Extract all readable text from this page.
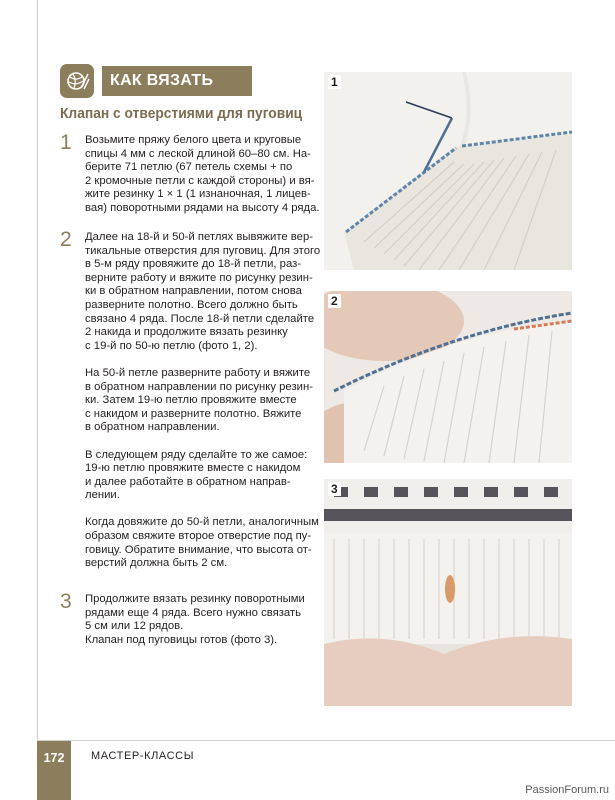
КАК ВЯЗАТЬ
Клапан с отверстиями для пуговиц
1 Возьмите пряжу белого цвета и круговые
спицы 4 мм с леской длиной 60–80 см. На-
берите 71 петлю (67 петель схемы + по
2 кромочные петли с каждой стороны) и вя-
жите резинку 1 × 1 (1 изнаночная, 1 лицев-
вая) поворотными рядами на высоту 4 ряда.
2 Далее на 18-й и 50-й петлях вывяжите вер-
тикальные отверстия для пуговиц. Для этого
в 5-м ряду провяжите до 18-й петли, раз-
верните работу и вяжите по рисунку резин-
ки в обратном направлении, потом снова
разверните полотно. Всего должно быть
связано 4 ряда. После 18-й петли сделайте
2 накида и продолжите вязать резинку
с 19-й по 50-ю петлю (фото 1, 2).
На 50-й петле разверните работу и вяжите
в обратном направлении по рисунку резин-
ки. Затем 19-ю петлю провяжите вместе
с накидом и разверните полотно. Вяжите
в обратном направлении.
В следующем ряду сделайте то же самое:
19-ю петлю провяжите вместе с накидом
и далее работайте в обратном направ-
лении.
Когда довяжите до 50-й петли, аналогичным
образом свяжите второе отверстие под пу-
говицу. Обратите внимание, что высота от-
верстий должна быть 2 см.
3 Продолжите вязать резинку поворотными
рядами еще 4 ряда. Всего нужно связать
5 см или 12 рядов.
Клапан под пуговицы готов (фото 3).
1
2
3
172	МАСТЕР-КЛАССЫ
PassionForum.ru
